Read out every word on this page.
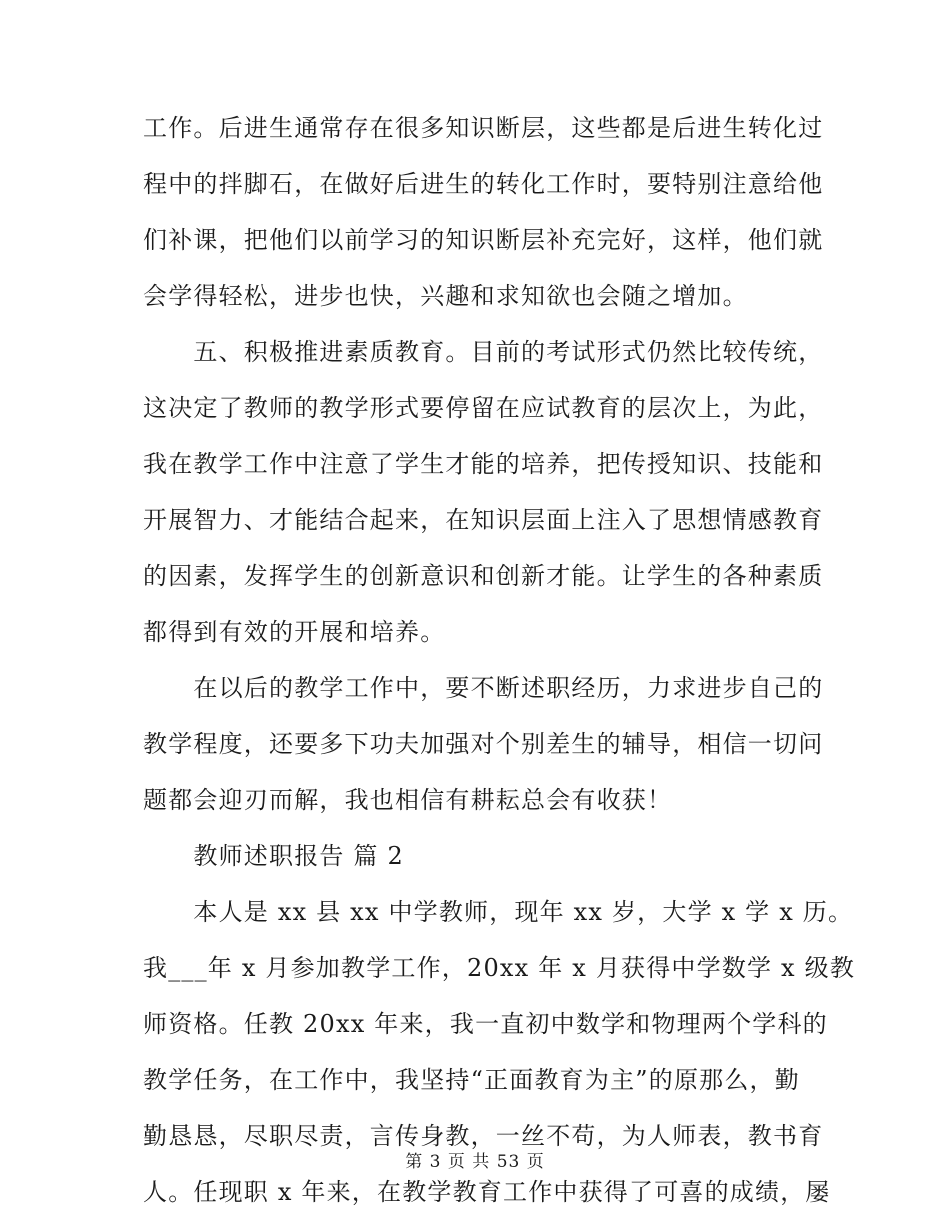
工作。后进生通常存在很多知识断层，这些都是后进生转化过
程中的拌脚石，在做好后进生的转化工作时，要特别注意给他
们补课，把他们以前学习的知识断层补充完好，这样，他们就
会学得轻松，进步也快，兴趣和求知欲也会随之增加。
　　五、积极推进素质教育。目前的考试形式仍然比较传统，
这决定了教师的教学形式要停留在应试教育的层次上，为此，
我在教学工作中注意了学生才能的培养，把传授知识、技能和
开展智力、才能结合起来，在知识层面上注入了思想情感教育
的因素，发挥学生的创新意识和创新才能。让学生的各种素质
都得到有效的开展和培养。
　　在以后的教学工作中，要不断述职经历，力求进步自己的
教学程度，还要多下功夫加强对个别差生的辅导，相信一切问
题都会迎刃而解，我也相信有耕耘总会有收获！
　　教师述职报告 篇 2
　　本人是 xx 县 xx 中学教师，现年 xx 岁，大学 x 学 x 历。
我___年 x 月参加教学工作，20xx 年 x 月获得中学数学 x 级教
师资格。任教 20xx 年来，我一直初中数学和物理两个学科的
教学任务，在工作中，我坚持“正面教育为主”的原那么，勤
勤恳恳，尽职尽责，言传身教，一丝不苟，为人师表，教书育
人。任现职 x 年来，在教学教育工作中获得了可喜的成绩，屡
第 3 页 共 53 页
